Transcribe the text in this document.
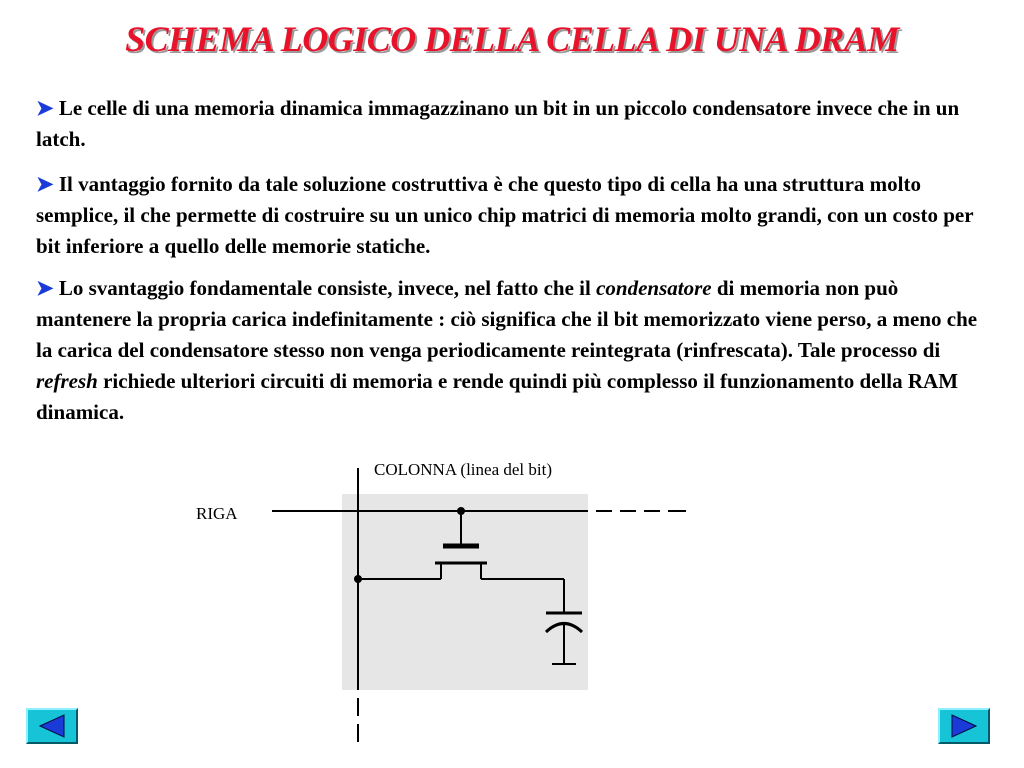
SCHEMA LOGICO DELLA CELLA DI UNA DRAM

➤ Le celle di una memoria dinamica immagazzinano un bit in un piccolo condensatore invece che in un latch.

➤ Il vantaggio fornito da tale soluzione costruttiva è che questo tipo di cella ha una struttura molto semplice, il che permette di costruire su un unico chip matrici di memoria molto grandi, con un costo per bit inferiore a quello delle memorie statiche.

➤ Lo svantaggio fondamentale consiste, invece, nel fatto che il condensatore di memoria non può mantenere la propria carica indefinitamente : ciò significa che il bit memorizzato viene perso, a meno che la carica del condensatore stesso non venga periodicamente reintegrata (rinfrescata). Tale processo di refresh richiede ulteriori circuiti di memoria e rende quindi più complesso il funzionamento della RAM dinamica.

COLONNA (linea del bit)
RIGA
